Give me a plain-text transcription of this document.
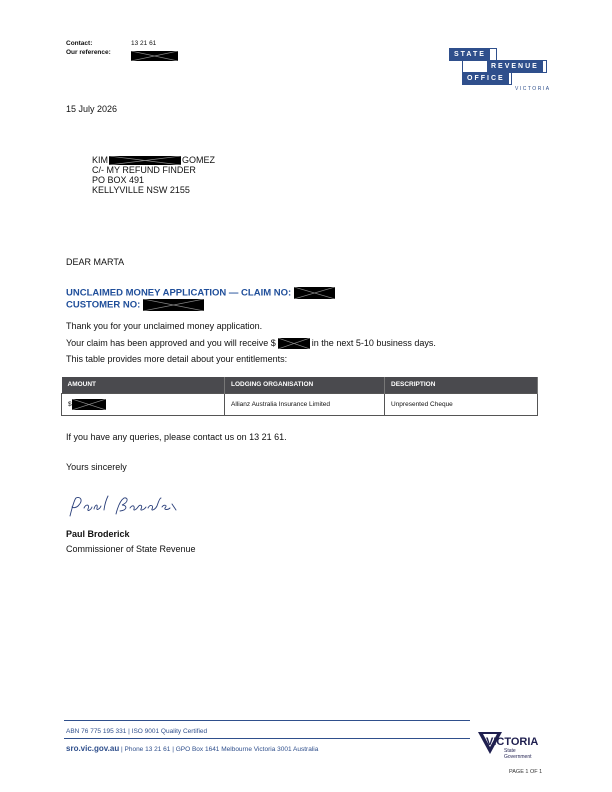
Contact:	13 21 61
Our reference:	STATE
REVENUE
OFFICE
VICTORIA
15 July 2026
KIM	GOMEZ
C/- MY REFUND FINDER
PO BOX 491
KELLYVILLE NSW 2155
DEAR MARTA
UNCLAIMED MONEY APPLICATION — CLAIM NO:
CUSTOMER NO:
Thank you for your unclaimed money application.
Your claim has been approved and you will receive $	in the next 5-10 business days.
This table provides more detail about your entitlements:
AMOUNT	LODGING ORGANISATION	DESCRIPTION
$	Allianz Australia Insurance Limited	Unpresented Cheque
If you have any queries, please contact us on 13 21 61.
Yours sincerely
Paul Broderick
Commissioner of State Revenue
ABN 76 775 195 331 | ISO 9001 Quality Certified
sro.vic.gov.au | Phone 13 21 61 | GPO Box 1641 Melbourne Victoria 3001 Australia
VICTORIA
State
Government
PAGE 1 OF 1
